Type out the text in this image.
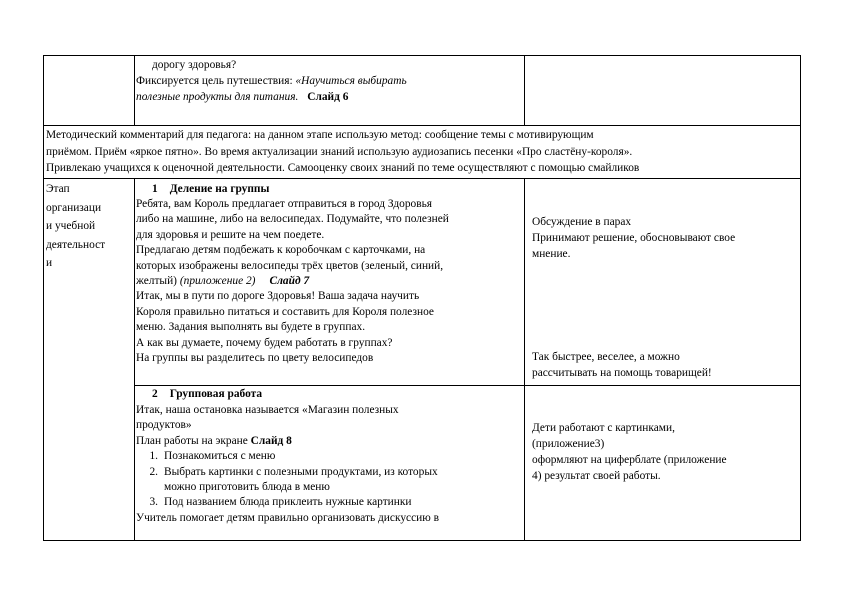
дорогу здоровья?
Фиксируется цель путешествия: «Научиться выбирать
полезные продукты для питания. Слайд 6
Методический комментарий для педагога: на данном этапе использую метод: сообщение темы с мотивирующим
приёмом. Приём «яркое пятно». Во время актуализации знаний использую аудиозапись песенки «Про сластёну-короля».
Привлекаю учащихся к оценочной деятельности. Самооценку своих знаний по теме осуществляют с помощью смайликов
Этап
организаци
и учебной
деятельност
и
1 Деление на группы
Ребята, вам Король предлагает отправиться в город Здоровья
либо на машине, либо на велосипедах. Подумайте, что полезней
для здоровья и решите на чем поедете.
Предлагаю детям подбежать к коробочкам с карточками, на
которых изображены велосипеды трёх цветов (зеленый, синий,
желтый) (приложение 2) Слайд 7
Итак, мы в пути по дороге Здоровья! Ваша задача научить
Короля правильно питаться и составить для Короля полезное
меню. Задания выполнять вы будете в группах.
А как вы думаете, почему будем работать в группах?
На группы вы разделитесь по цвету велосипедов
Обсуждение в парах
Принимают решение, обосновывают свое
мнение.
Так быстрее, веселее, а можно
рассчитывать на помощь товарищей!
2 Групповая работа
Итак, наша остановка называется «Магазин полезных
продуктов»
План работы на экране Слайд 8
1. Познакомиться с меню
2. Выбрать картинки с полезными продуктами, из которых
можно приготовить блюда в меню
3. Под названием блюда приклеить нужные картинки
Учитель помогает детям правильно организовать дискуссию в
Дети работают с картинками,
(приложение3)
оформляют на циферблате (приложение
4) результат своей работы.
